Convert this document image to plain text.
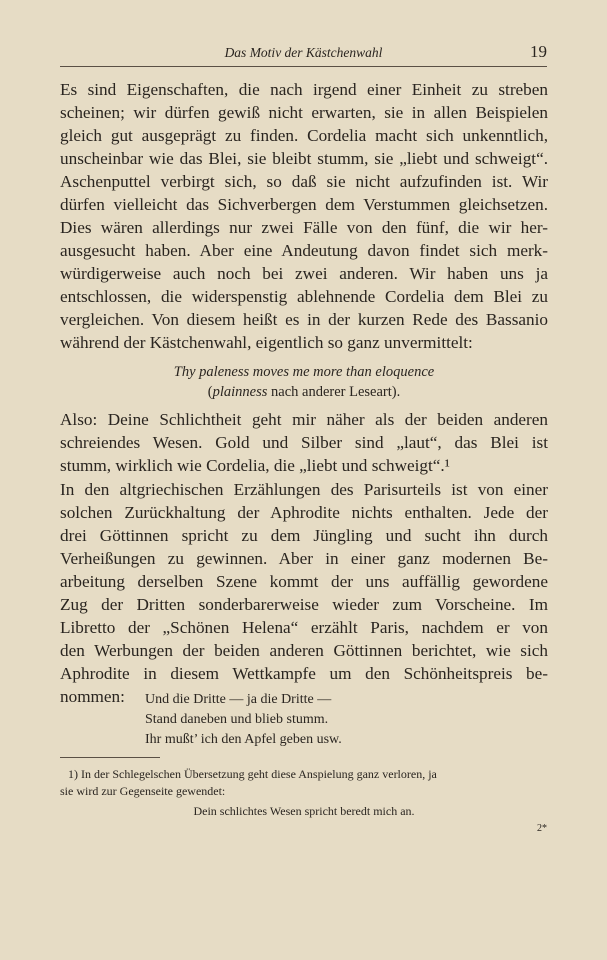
Das Motiv der Kästchenwahl	19
Es sind Eigenschaften, die nach irgend einer Einheit zu streben
scheinen; wir dürfen gewiß nicht erwarten, sie in allen Beispielen
gleich gut ausgeprägt zu finden. Cordelia macht sich unkenntlich,
unscheinbar wie das Blei, sie bleibt stumm, sie „liebt und schweigt“.
Aschenputtel verbirgt sich, so daß sie nicht aufzufinden ist. Wir
dürfen vielleicht das Sichverbergen dem Verstummen gleichsetzen.
Dies wären allerdings nur zwei Fälle von den fünf, die wir her-
ausgesucht haben. Aber eine Andeutung davon findet sich merk-
würdigerweise auch noch bei zwei anderen. Wir haben uns ja
entschlossen, die widerspenstig ablehnende Cordelia dem Blei zu
vergleichen. Von diesem heißt es in der kurzen Rede des Bassanio
während der Kästchenwahl, eigentlich so ganz unvermittelt:
Thy paleness moves me more than eloquence
(plainness nach anderer Leseart).
Also: Deine Schlichtheit geht mir näher als der beiden anderen
schreiendes Wesen. Gold und Silber sind „laut“, das Blei ist
stumm, wirklich wie Cordelia, die „liebt und schweigt“.¹
In den altgriechischen Erzählungen des Parisurteils ist von einer
solchen Zurückhaltung der Aphrodite nichts enthalten. Jede der
drei Göttinnen spricht zu dem Jüngling und sucht ihn durch
Verheißungen zu gewinnen. Aber in einer ganz modernen Be-
arbeitung derselben Szene kommt der uns auffällig gewordene
Zug der Dritten sonderbarerweise wieder zum Vorscheine. Im
Libretto der „Schönen Helena“ erzählt Paris, nachdem er von
den Werbungen der beiden anderen Göttinnen berichtet, wie sich
Aphrodite in diesem Wettkampfe um den Schönheitspreis be-
nommen:	Und die Dritte — ja die Dritte —
Stand daneben und blieb stumm.
Ihr mußt’ ich den Apfel geben usw.
1) In der Schlegelschen Übersetzung geht diese Anspielung ganz verloren, ja
sie wird zur Gegenseite gewendet:
Dein schlichtes Wesen spricht beredt mich an.
2*
